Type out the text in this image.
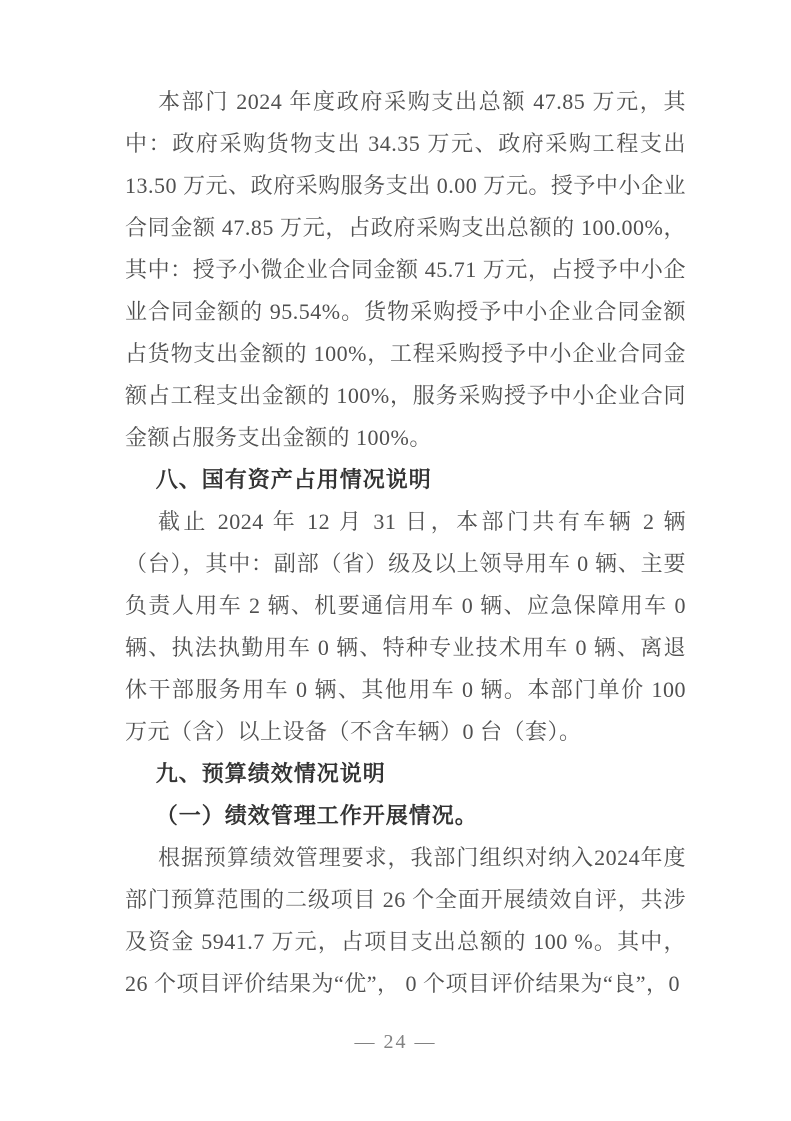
本部门 2024 年度政府采购支出总额 47.85 万元，其中：政府采购货物支出 34.35 万元、政府采购工程支出 13.50 万元、政府采购服务支出 0.00 万元。授予中小企业合同金额 47.85 万元，占政府采购支出总额的 100.00%，其中：授予小微企业合同金额 45.71 万元，占授予中小企业合同金额的 95.54%。货物采购授予中小企业合同金额占货物支出金额的 100%，工程采购授予中小企业合同金额占工程支出金额的 100%，服务采购授予中小企业合同金额占服务支出金额的 100%。

八、国有资产占用情况说明

截止 2024 年 12 月 31 日，本部门共有车辆 2 辆（台），其中：副部（省）级及以上领导用车 0 辆、主要负责人用车 2 辆、机要通信用车 0 辆、应急保障用车 0 辆、执法执勤用车 0 辆、特种专业技术用车 0 辆、离退休干部服务用车 0 辆、其他用车 0 辆。本部门单价 100 万元（含）以上设备（不含车辆）0 台（套）。

九、预算绩效情况说明

（一）绩效管理工作开展情况。

根据预算绩效管理要求，我部门组织对纳入2024年度部门预算范围的二级项目 26 个全面开展绩效自评，共涉及资金 5941.7 万元，占项目支出总额的 100 %。其中，26 个项目评价结果为“优”， 0 个项目评价结果为“良”，0

— 24 —
